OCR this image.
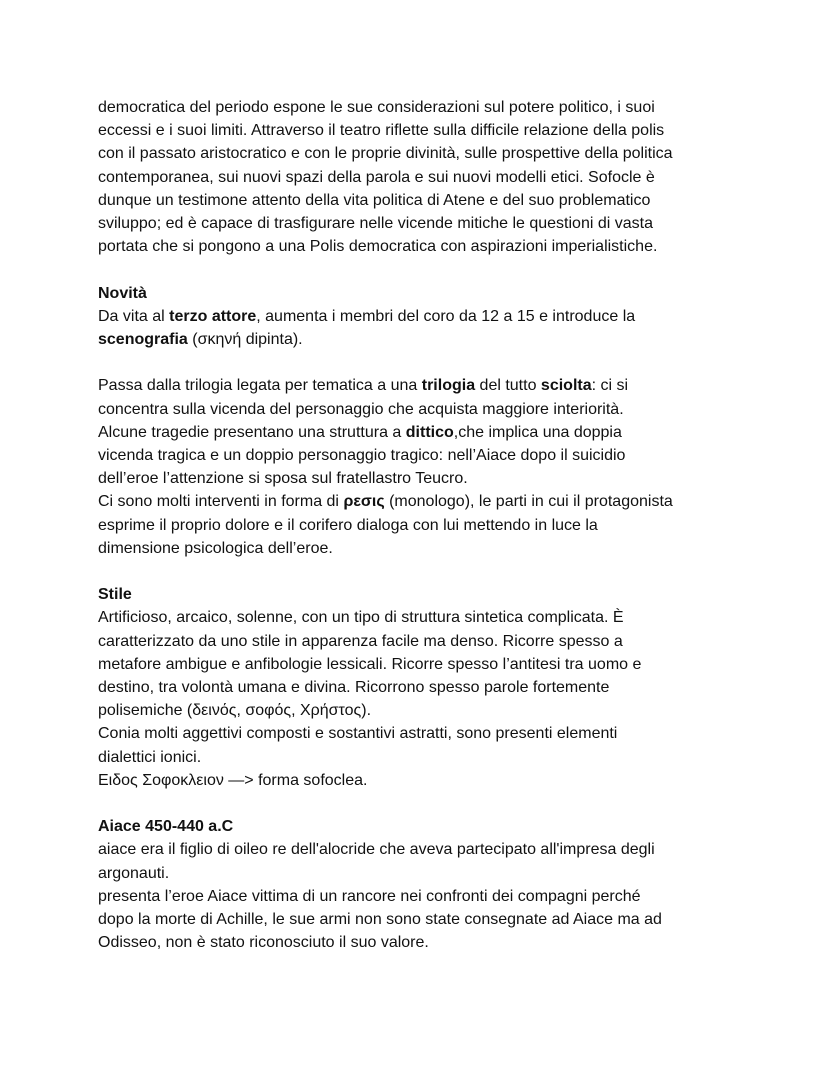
democratica del periodo espone le sue considerazioni sul potere politico, i suoi

eccessi e i suoi limiti. Attraverso il teatro riflette sulla difficile relazione della polis

con il passato aristocratico e con le proprie divinità, sulle prospettive della politica

contemporanea, sui nuovi spazi della parola e sui nuovi modelli etici. Sofocle è

dunque un testimone attento della vita politica di Atene e del suo problematico

sviluppo; ed è capace di trasfigurare nelle vicende mitiche le questioni di vasta

portata che si pongono a una Polis democratica con aspirazioni imperialistiche.

Novità

Da vita al terzo attore, aumenta i membri del coro da 12 a 15 e introduce la

scenografia (σκηνή dipinta).

Passa dalla trilogia legata per tematica a una trilogia del tutto sciolta: ci si

concentra sulla vicenda del personaggio che acquista maggiore interiorità.

Alcune tragedie presentano una struttura a dittico,che implica una doppia

vicenda tragica e un doppio personaggio tragico: nell’Aiace dopo il suicidio

dell’eroe l’attenzione si sposa sul fratellastro Teucro.

Ci sono molti interventi in forma di ρεσις (monologo), le parti in cui il protagonista

esprime il proprio dolore e il corifero dialoga con lui mettendo in luce la

dimensione psicologica dell’eroe.

Stile

Artificioso, arcaico, solenne, con un tipo di struttura sintetica complicata. È

caratterizzato da uno stile in apparenza facile ma denso. Ricorre spesso a

metafore ambigue e anfibologie lessicali. Ricorre spesso l’antitesi tra uomo e

destino, tra volontà umana e divina. Ricorrono spesso parole fortemente

polisemiche (δεινός, σοφός, Χρήστος).

Conia molti aggettivi composti e sostantivi astratti, sono presenti elementi

dialettici ionici.

Ειδος Σοφοκλειον —> forma sofoclea.

Aiace 450-440 a.C

aiace era il figlio di oileo re dell'alocride che aveva partecipato all'impresa degli

argonauti.

presenta l’eroe Aiace vittima di un rancore nei confronti dei compagni perché

dopo la morte di Achille, le sue armi non sono state consegnate ad Aiace ma ad

Odisseo, non è stato riconosciuto il suo valore.
